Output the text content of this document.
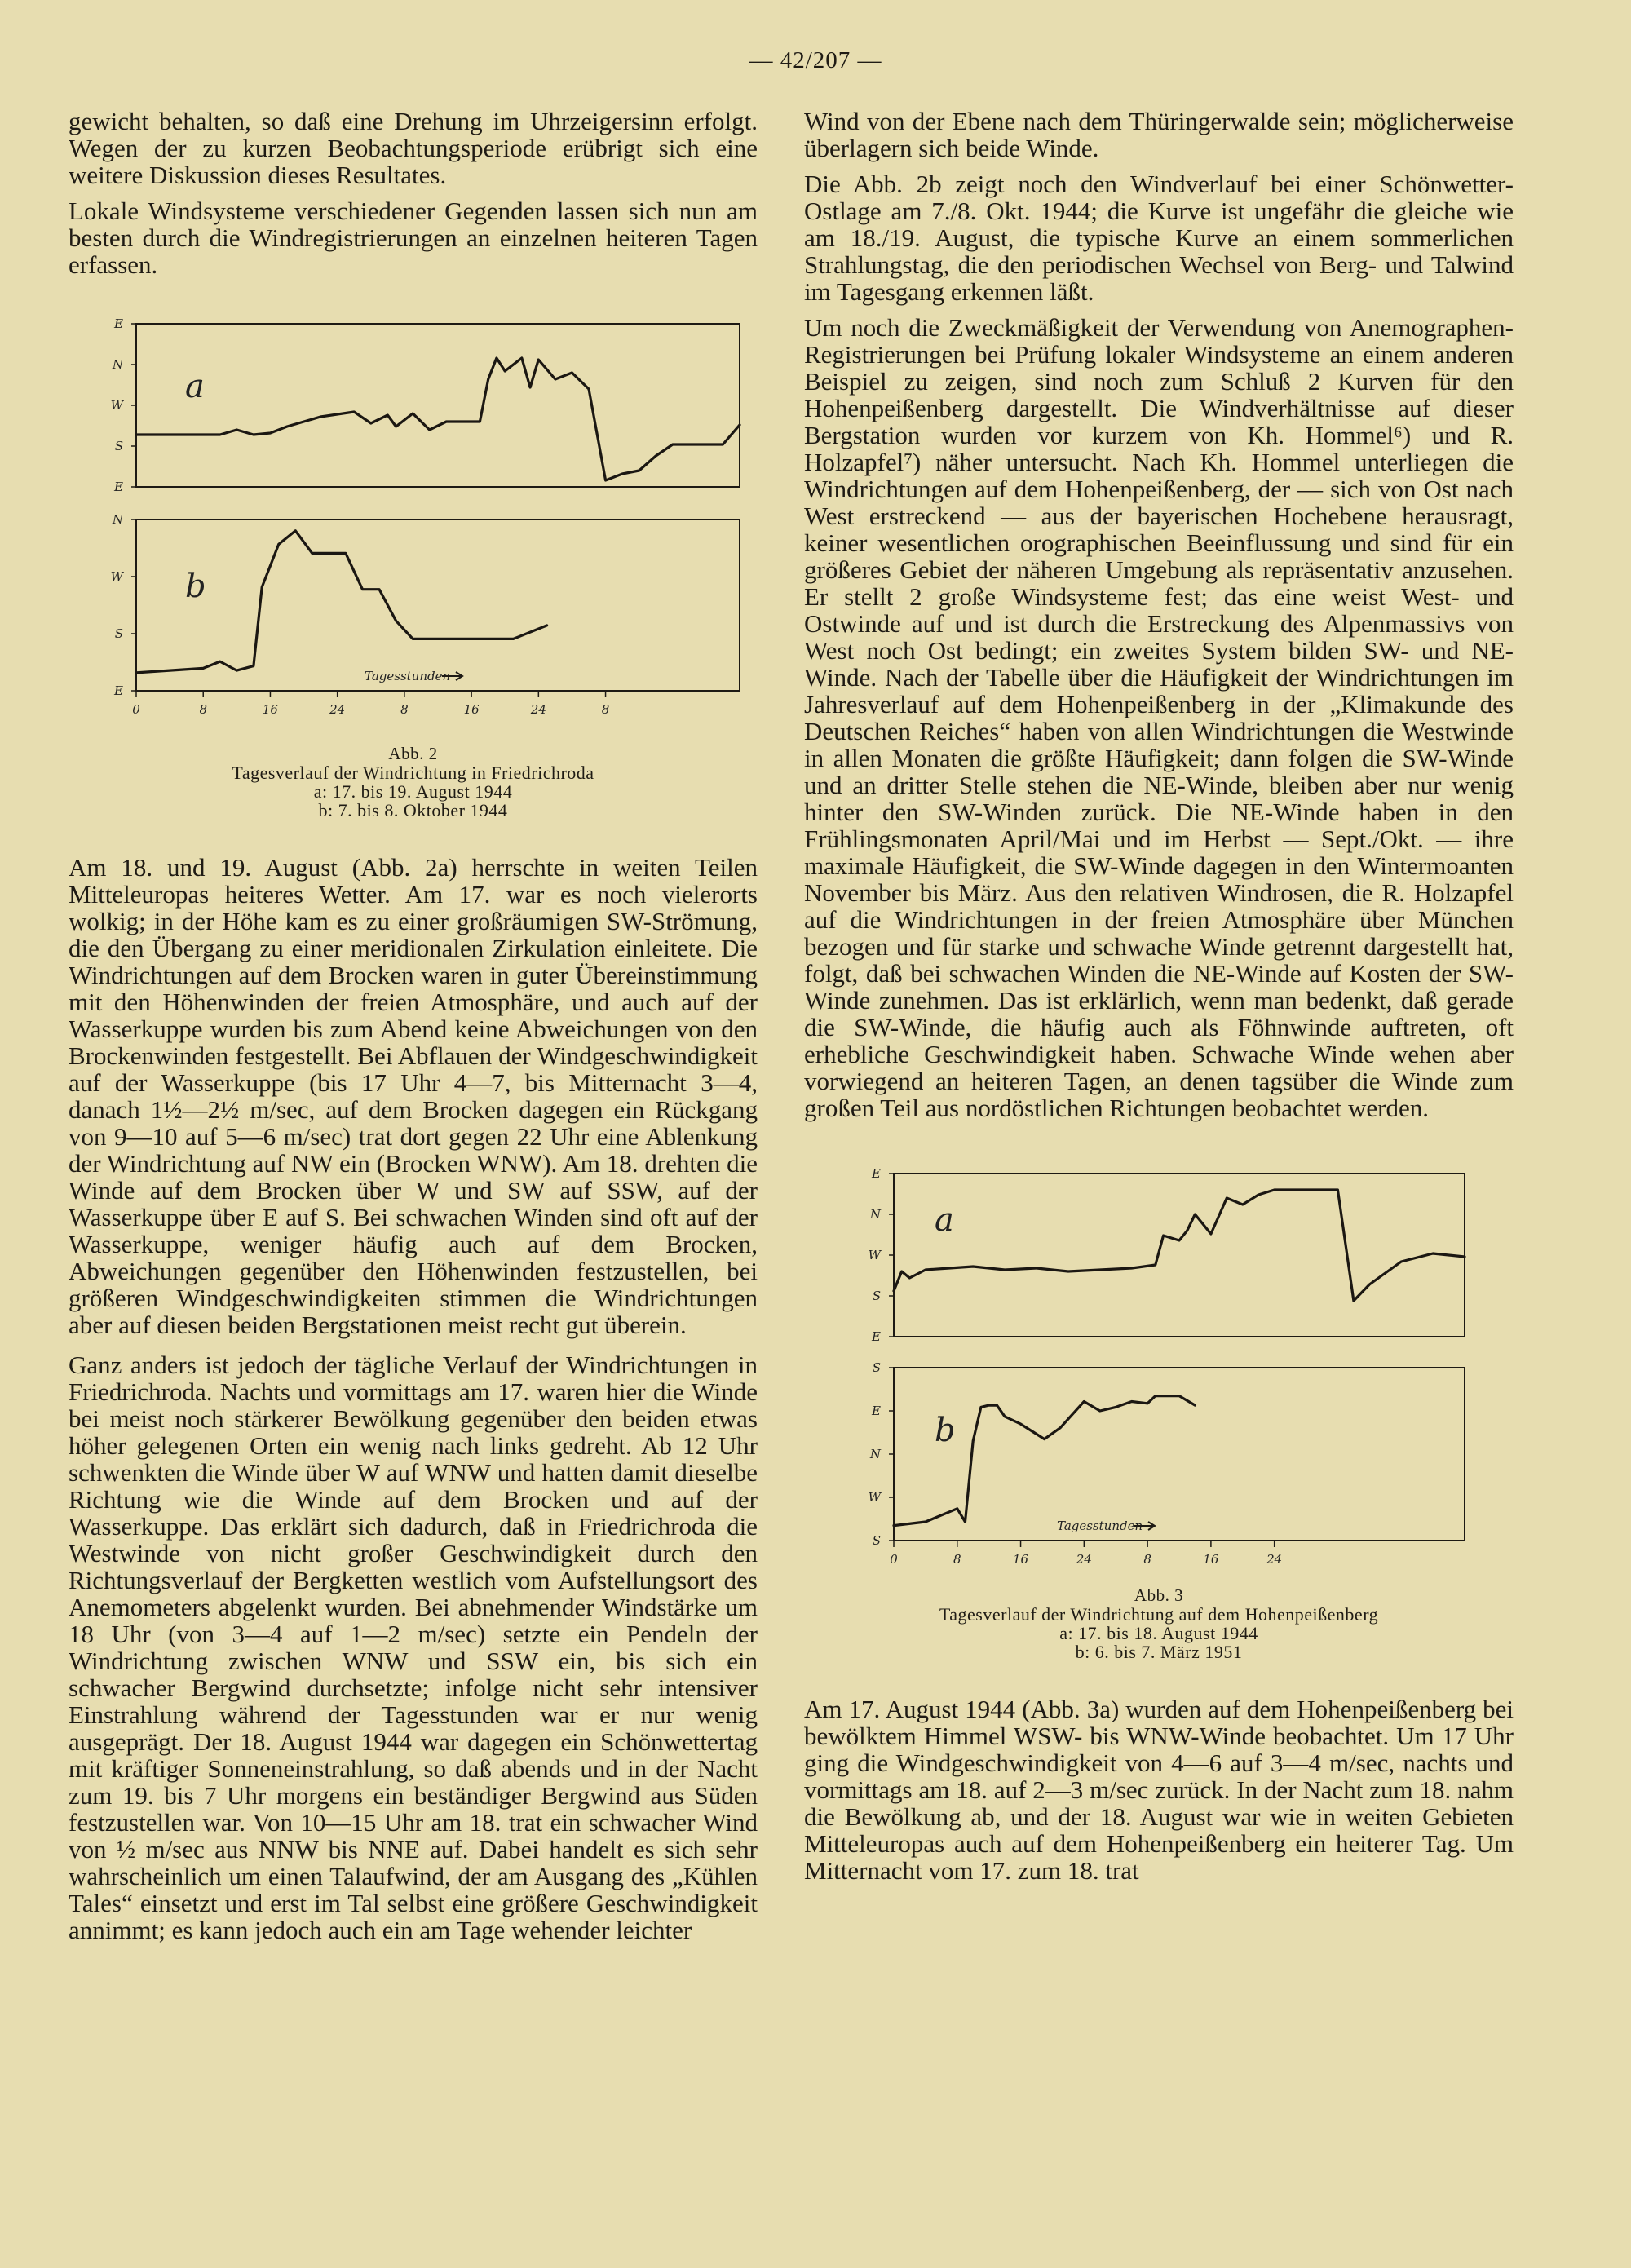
— 42/207 —

gewicht behalten, so daß eine Drehung im Uhrzeigersinn erfolgt. Wegen der zu kurzen Beobachtungsperiode erübrigt sich eine weitere Diskussion dieses Resultates.

Lokale Windsysteme verschiedener Gegenden lassen sich nun am besten durch die Windregistrierungen an einzelnen heiteren Tagen erfassen.

E
S
W
N
E
a
E
S
W
N
b
0	8	16	24	8	16	24	8
Tagesstunden
Abb. 2
Tagesverlauf der Windrichtung in Friedrichroda
a: 17. bis 19. August 1944
b: 7. bis 8. Oktober 1944

Am 18. und 19. August (Abb. 2a) herrschte in weiten Teilen Mitteleuropas heiteres Wetter. Am 17. war es noch vielerorts wolkig; in der Höhe kam es zu einer großräumigen SW-Strömung, die den Übergang zu einer meridionalen Zirkulation einleitete. Die Windrichtungen auf dem Brocken waren in guter Übereinstimmung mit den Höhenwinden der freien Atmosphäre, und auch auf der Wasserkuppe wurden bis zum Abend keine Abweichungen von den Brockenwinden festgestellt. Bei Abflauen der Windgeschwindigkeit auf der Wasserkuppe (bis 17 Uhr 4—7, bis Mitternacht 3—4, danach 1½—2½ m/sec, auf dem Brocken dagegen ein Rückgang von 9—10 auf 5—6 m/sec) trat dort gegen 22 Uhr eine Ablenkung der Windrichtung auf NW ein (Brocken WNW). Am 18. drehten die Winde auf dem Brocken über W und SW auf SSW, auf der Wasserkuppe über E auf S. Bei schwachen Winden sind oft auf der Wasserkuppe, weniger häufig auch auf dem Brocken, Abweichungen gegenüber den Höhenwinden festzustellen, bei größeren Windgeschwindigkeiten stimmen die Windrichtungen aber auf diesen beiden Bergstationen meist recht gut überein.

Ganz anders ist jedoch der tägliche Verlauf der Windrichtungen in Friedrichroda. Nachts und vormittags am 17. waren hier die Winde bei meist noch stärkerer Bewölkung gegenüber den beiden etwas höher gelegenen Orten ein wenig nach links gedreht. Ab 12 Uhr schwenkten die Winde über W auf WNW und hatten damit dieselbe Richtung wie die Winde auf dem Brocken und auf der Wasserkuppe. Das erklärt sich dadurch, daß in Friedrichroda die Westwinde von nicht großer Geschwindigkeit durch den Richtungsverlauf der Bergketten westlich vom Aufstellungsort des Anemometers abgelenkt wurden. Bei abnehmender Windstärke um 18 Uhr (von 3—4 auf 1—2 m/sec) setzte ein Pendeln der Windrichtung zwischen WNW und SSW ein, bis sich ein schwacher Bergwind durchsetzte; infolge nicht sehr intensiver Einstrahlung während der Tagesstunden war er nur wenig ausgeprägt. Der 18. August 1944 war dagegen ein Schönwettertag mit kräftiger Sonneneinstrahlung, so daß abends und in der Nacht zum 19. bis 7 Uhr morgens ein beständiger Bergwind aus Süden festzustellen war. Von 10—15 Uhr am 18. trat ein schwacher Wind von ½ m/sec aus NNW bis NNE auf. Dabei handelt es sich sehr wahrscheinlich um einen Talaufwind, der am Ausgang des „Kühlen Tales“ einsetzt und erst im Tal selbst eine größere Geschwindigkeit annimmt; es kann jedoch auch ein am Tage wehender leichter

Wind von der Ebene nach dem Thüringerwalde sein; möglicherweise überlagern sich beide Winde.

Die Abb. 2b zeigt noch den Windverlauf bei einer Schönwetter-Ostlage am 7./8. Okt. 1944; die Kurve ist ungefähr die gleiche wie am 18./19. August, die typische Kurve an einem sommerlichen Strahlungstag, die den periodischen Wechsel von Berg- und Talwind im Tagesgang erkennen läßt.

Um noch die Zweckmäßigkeit der Verwendung von Anemographen-Registrierungen bei Prüfung lokaler Windsysteme an einem anderen Beispiel zu zeigen, sind noch zum Schluß 2 Kurven für den Hohenpeißenberg dargestellt. Die Windverhältnisse auf dieser Bergstation wurden vor kurzem von Kh. Hommel⁶) und R. Holzapfel⁷) näher untersucht. Nach Kh. Hommel unterliegen die Windrichtungen auf dem Hohenpeißenberg, der — sich von Ost nach West erstreckend — aus der bayerischen Hochebene herausragt, keiner wesentlichen orographischen Beeinflussung und sind für ein größeres Gebiet der näheren Umgebung als repräsentativ anzusehen. Er stellt 2 große Windsysteme fest; das eine weist West- und Ostwinde auf und ist durch die Erstreckung des Alpenmassivs von West noch Ost bedingt; ein zweites System bilden SW- und NE-Winde. Nach der Tabelle über die Häufigkeit der Windrichtungen im Jahresverlauf auf dem Hohenpeißenberg in der „Klimakunde des Deutschen Reiches“ haben von allen Windrichtungen die Westwinde in allen Monaten die größte Häufigkeit; dann folgen die SW-Winde und an dritter Stelle stehen die NE-Winde, bleiben aber nur wenig hinter den SW-Winden zurück. Die NE-Winde haben in den Frühlingsmonaten April/Mai und im Herbst — Sept./Okt. — ihre maximale Häufigkeit, die SW-Winde dagegen in den Wintermoanten November bis März. Aus den relativen Windrosen, die R. Holzapfel auf die Windrichtungen in der freien Atmosphäre über München bezogen und für starke und schwache Winde getrennt dargestellt hat, folgt, daß bei schwachen Winden die NE-Winde auf Kosten der SW-Winde zunehmen. Das ist erklärlich, wenn man bedenkt, daß gerade die SW-Winde, die häufig auch als Föhnwinde auftreten, oft erhebliche Geschwindigkeit haben. Schwache Winde wehen aber vorwiegend an heiteren Tagen, an denen tagsüber die Winde zum großen Teil aus nordöstlichen Richtungen beobachtet werden.

E
S
W
N
E
a
S
W
N
E
S
b
0	8	16	24	8	16	24
Tagesstunden
Abb. 3
Tagesverlauf der Windrichtung auf dem Hohenpeißenberg
a: 17. bis 18. August 1944
b: 6. bis 7. März 1951

Am 17. August 1944 (Abb. 3a) wurden auf dem Hohenpeißenberg bei bewölktem Himmel WSW- bis WNW-Winde beobachtet. Um 17 Uhr ging die Windgeschwindigkeit von 4—6 auf 3—4 m/sec, nachts und vormittags am 18. auf 2—3 m/sec zurück. In der Nacht zum 18. nahm die Bewölkung ab, und der 18. August war wie in weiten Gebieten Mitteleuropas auch auf dem Hohenpeißenberg ein heiterer Tag. Um Mitternacht vom 17. zum 18. trat
